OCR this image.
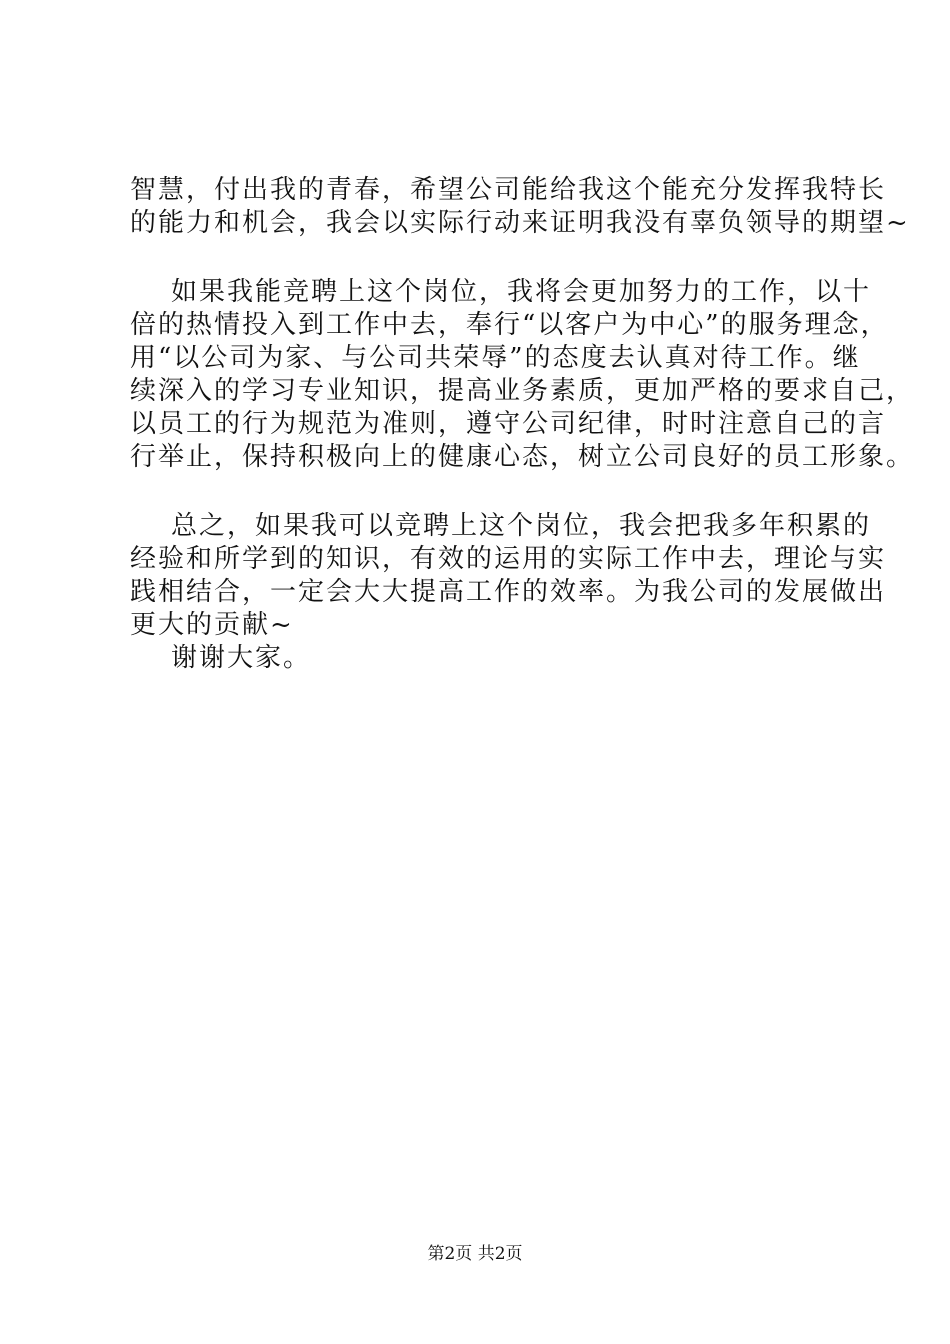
智慧，付出我的青春，希望公司能给我这个能充分发挥我特长
的能力和机会，我会以实际行动来证明我没有辜负领导的期望~
如果我能竞聘上这个岗位，我将会更加努力的工作，以十
倍的热情投入到工作中去，奉行“以客户为中心”的服务理念，
用“以公司为家、与公司共荣辱”的态度去认真对待工作。继
续深入的学习专业知识，提高业务素质，更加严格的要求自己，
以员工的行为规范为准则，遵守公司纪律，时时注意自己的言
行举止，保持积极向上的健康心态，树立公司良好的员工形象。
总之，如果我可以竞聘上这个岗位，我会把我多年积累的
经验和所学到的知识，有效的运用的实际工作中去，理论与实
践相结合，一定会大大提高工作的效率。为我公司的发展做出
更大的贡献~
谢谢大家。
第2页 共2页
